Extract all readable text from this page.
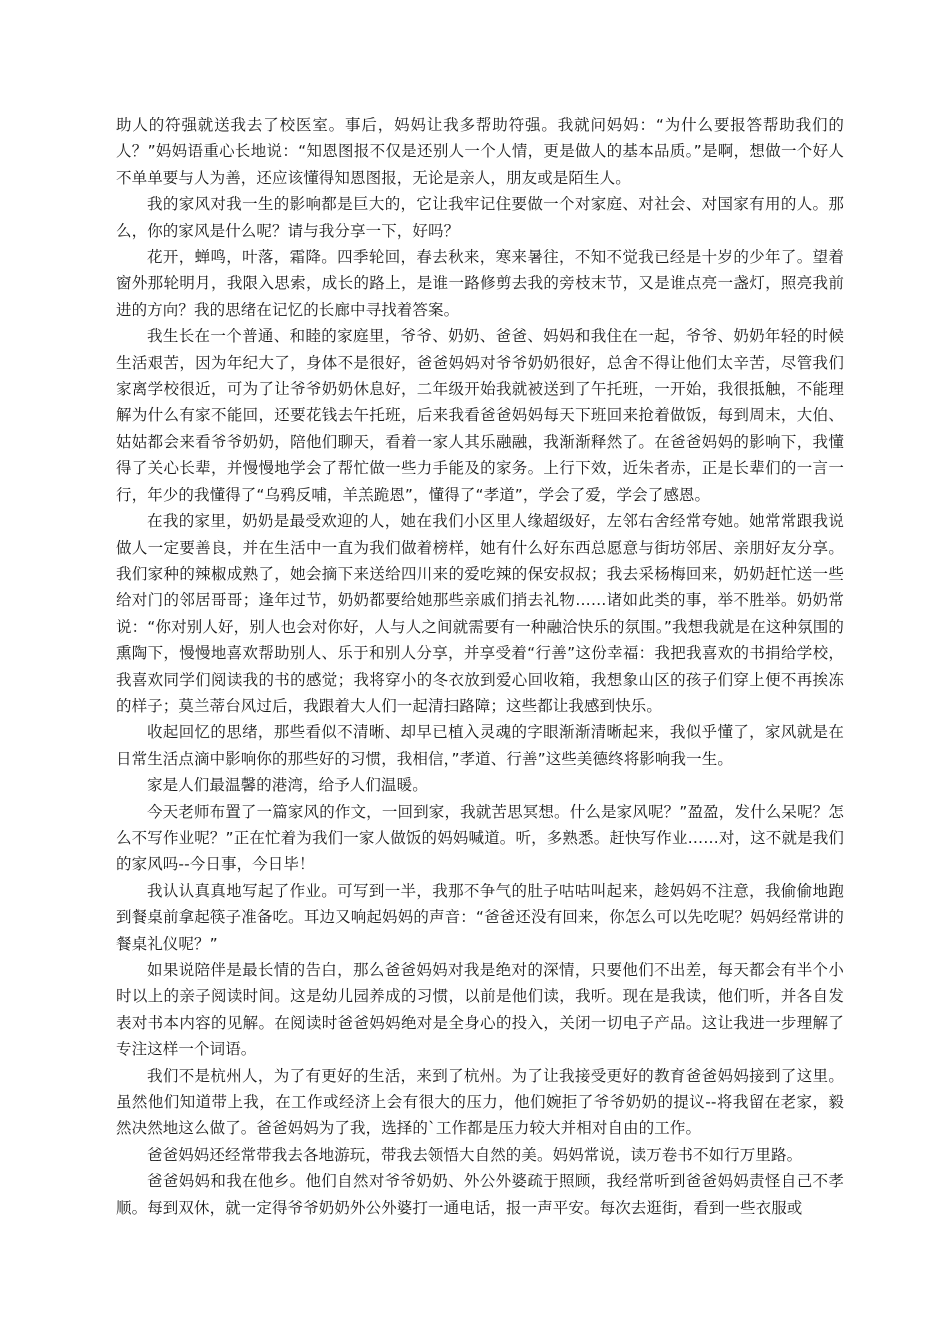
助人的符强就送我去了校医室。事后，妈妈让我多帮助符强。我就问妈妈：“为什么要报答帮助我们的人？”妈妈语重心长地说：“知恩图报不仅是还别人一个人情，更是做人的基本品质。”是啊，想做一个好人不单单要与人为善，还应该懂得知恩图报，无论是亲人，朋友或是陌生人。

我的家风对我一生的影响都是巨大的，它让我牢记住要做一个对家庭、对社会、对国家有用的人。那么，你的家风是什么呢？请与我分享一下，好吗？

花开，蝉鸣，叶落，霜降。四季轮回，春去秋来，寒来暑往，不知不觉我已经是十岁的少年了。望着窗外那轮明月，我限入思索，成长的路上，是谁一路修剪去我的旁枝末节，又是谁点亮一盏灯，照亮我前进的方向？我的思绪在记忆的长廊中寻找着答案。

我生长在一个普通、和睦的家庭里，爷爷、奶奶、爸爸、妈妈和我住在一起，爷爷、奶奶年轻的时候生活艰苦，因为年纪大了，身体不是很好，爸爸妈妈对爷爷奶奶很好，总舍不得让他们太辛苦，尽管我们家离学校很近，可为了让爷爷奶奶休息好，二年级开始我就被送到了午托班，一开始，我很抵触，不能理解为什么有家不能回，还要花钱去午托班，后来我看爸爸妈妈每天下班回来抢着做饭，每到周末，大伯、姑姑都会来看爷爷奶奶，陪他们聊天，看着一家人其乐融融，我渐渐释然了。在爸爸妈妈的影响下，我懂得了关心长辈，并慢慢地学会了帮忙做一些力手能及的家务。上行下效，近朱者赤，正是长辈们的一言一行，年少的我懂得了“乌鸦反哺，羊羔跪恩”，懂得了“孝道”，学会了爱，学会了感恩。

在我的家里，奶奶是最受欢迎的人，她在我们小区里人缘超级好，左邻右舍经常夸她。她常常跟我说做人一定要善良，并在生活中一直为我们做着榜样，她有什么好东西总愿意与街坊邻居、亲朋好友分享。我们家种的辣椒成熟了，她会摘下来送给四川来的爱吃辣的保安叔叔；我去采杨梅回来，奶奶赶忙送一些给对门的邻居哥哥；逢年过节，奶奶都要给她那些亲戚们捎去礼物……诸如此类的事，举不胜举。奶奶常说：“你对别人好，别人也会对你好，人与人之间就需要有一种融洽快乐的氛围。”我想我就是在这种氛围的熏陶下，慢慢地喜欢帮助别人、乐于和别人分享，并享受着“行善”这份幸福：我把我喜欢的书捐给学校，我喜欢同学们阅读我的书的感觉；我将穿小的冬衣放到爱心回收箱，我想象山区的孩子们穿上便不再挨冻的样子；莫兰蒂台风过后，我跟着大人们一起清扫路障；这些都让我感到快乐。

收起回忆的思绪，那些看似不清晰、却早已植入灵魂的字眼渐渐清晰起来，我似乎懂了，家风就是在日常生活点滴中影响你的那些好的习惯，我相信，”孝道、行善”这些美德终将影响我一生。

家是人们最温馨的港湾，给予人们温暖。

今天老师布置了一篇家风的作文，一回到家，我就苦思冥想。什么是家风呢？”盈盈，发什么呆呢？怎么不写作业呢？”正在忙着为我们一家人做饭的妈妈喊道。听，多熟悉。赶快写作业……对，这不就是我们的家风吗--今日事，今日毕！

我认认真真地写起了作业。可写到一半，我那不争气的肚子咕咕叫起来，趁妈妈不注意，我偷偷地跑到餐桌前拿起筷子准备吃。耳边又响起妈妈的声音：“爸爸还没有回来，你怎么可以先吃呢？妈妈经常讲的餐桌礼仪呢？”

如果说陪伴是最长情的告白，那么爸爸妈妈对我是绝对的深情，只要他们不出差，每天都会有半个小时以上的亲子阅读时间。这是幼儿园养成的习惯，以前是他们读，我听。现在是我读，他们听，并各自发表对书本内容的见解。在阅读时爸爸妈妈绝对是全身心的投入，关闭一切电子产品。这让我进一步理解了专注这样一个词语。

我们不是杭州人，为了有更好的生活，来到了杭州。为了让我接受更好的教育爸爸妈妈接到了这里。虽然他们知道带上我，在工作或经济上会有很大的压力，他们婉拒了爷爷奶奶的提议--将我留在老家，毅然决然地这么做了。爸爸妈妈为了我，选择的`工作都是压力较大并相对自由的工作。

爸爸妈妈还经常带我去各地游玩，带我去领悟大自然的美。妈妈常说，读万卷书不如行万里路。

爸爸妈妈和我在他乡。他们自然对爷爷奶奶、外公外婆疏于照顾，我经常听到爸爸妈妈责怪自己不孝顺。每到双休，就一定得爷爷奶奶外公外婆打一通电话，报一声平安。每次去逛街，看到一些衣服或
